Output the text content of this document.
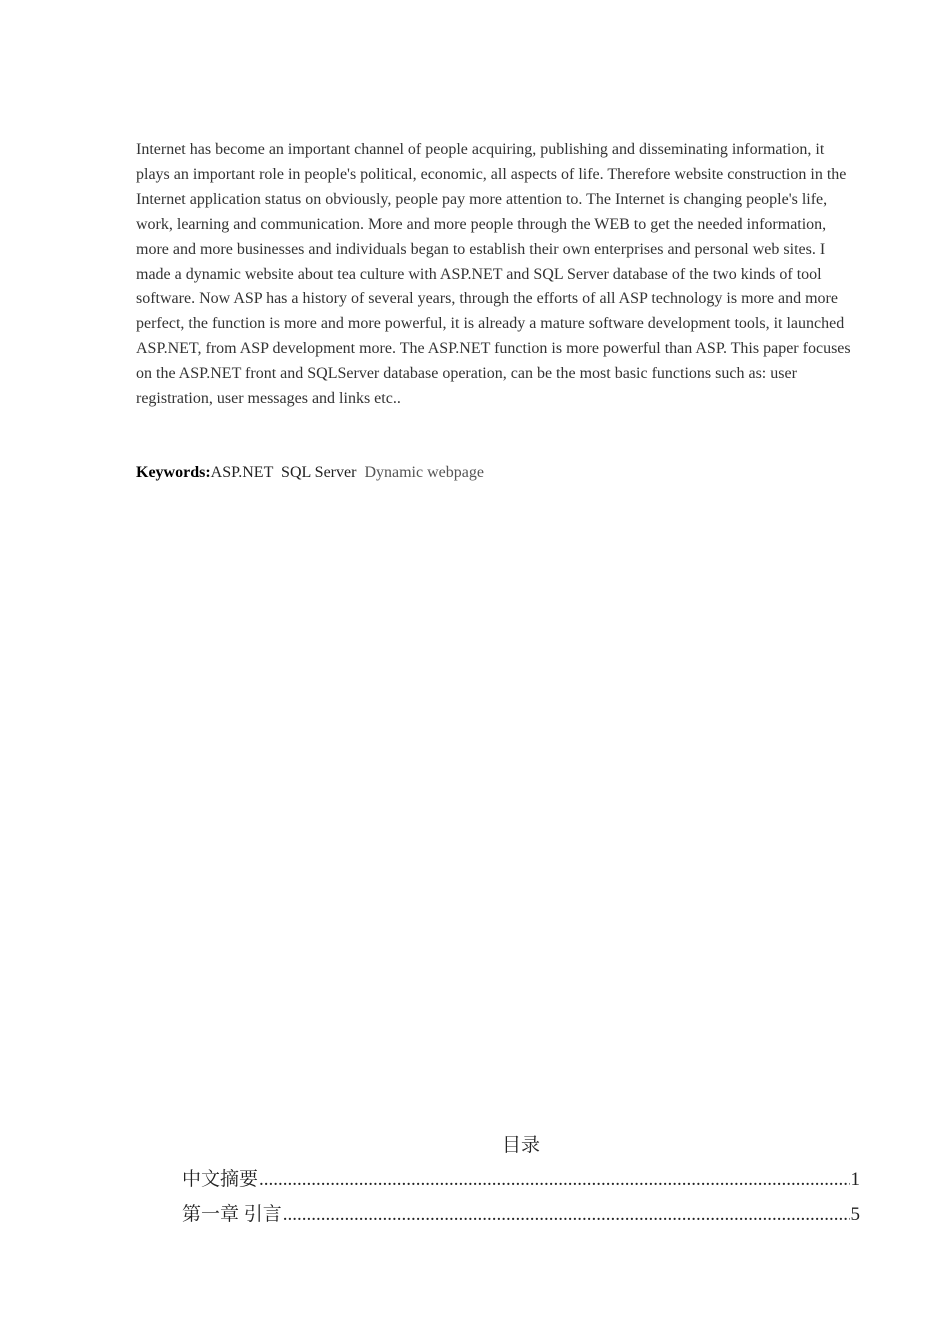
Internet has become an important channel of people acquiring, publishing and disseminating information, it plays an important role in people's political, economic, all aspects of life. Therefore website construction in the Internet application status on obviously, people pay more attention to. The Internet is changing people's life, work, learning and communication. More and more people through the WEB to get the needed information, more and more businesses and individuals began to establish their own enterprises and personal web sites. I made a dynamic website about tea culture with ASP.NET and SQL Server database of the two kinds of tool software. Now ASP has a history of several years, through the efforts of all ASP technology is more and more perfect, the function is more and more powerful, it is already a mature software development tools, it launched ASP.NET, from ASP development more. The ASP.NET function is more powerful than ASP. This paper focuses on the ASP.NET front and SQLServer database operation, can be the most basic functions such as: user registration, user messages and links etc..

Keywords:ASP.NET SQL Server Dynamic webpage

目录
中文摘要 .....	1
第一章 引言 .....	5
